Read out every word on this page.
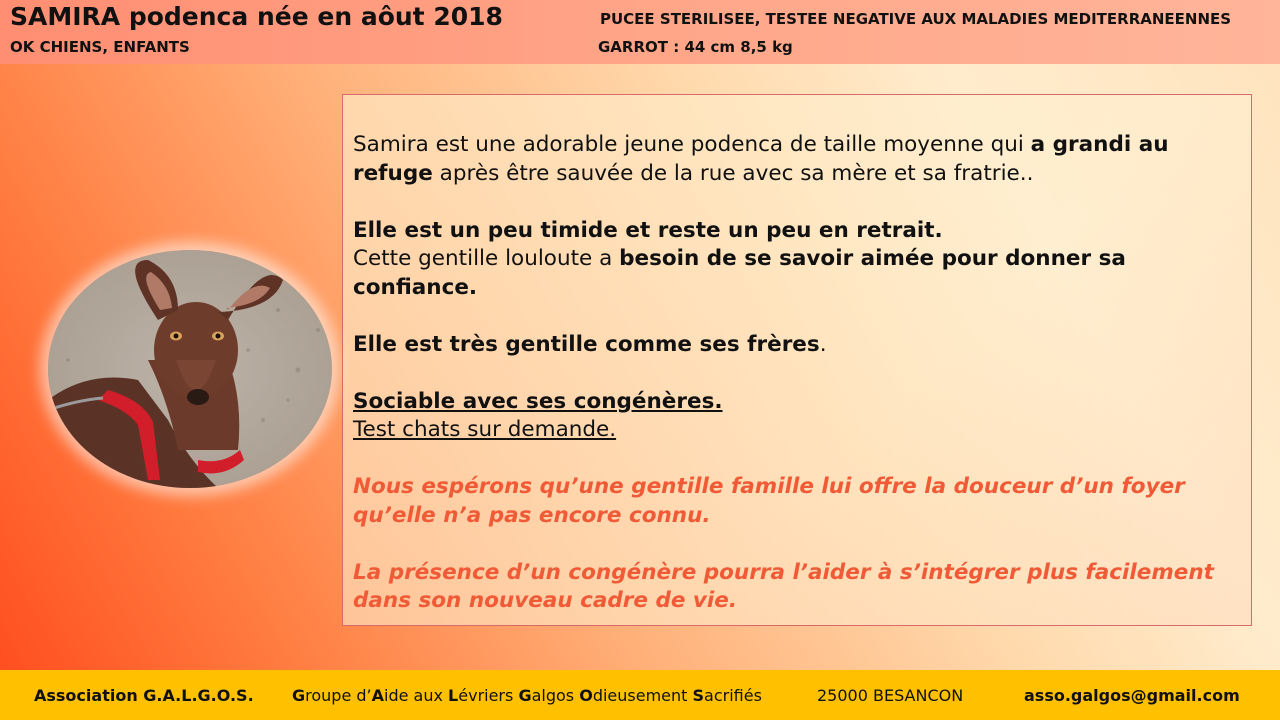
SAMIRA podenca née en aôut 2018
OK CHIENS, ENFANTS
PUCEE STERILISEE, TESTEE NEGATIVE AUX MALADIES MEDITERRANEENNES
GARROT : 44 cm 8,5 kg

Samira est une adorable jeune podenca de taille moyenne qui a grandi au refuge après être sauvée de la rue avec sa mère et sa fratrie..

Elle est un peu timide et reste un peu en retrait.

Cette gentille louloute a besoin de se savoir aimée pour donner sa confiance.

Elle est très gentille comme ses frères.

Sociable avec ses congénères.

Test chats sur demande.

Nous espérons qu’une gentille famille lui offre la douceur d’un foyer qu’elle n’a pas encore connu.

La présence d’un congénère pourra l’aider à s’intégrer plus facilement dans son nouveau cadre de vie.

Association G.A.L.G.O.S. Groupe d’Aide aux Lévriers Galgos Odieusement Sacrifiés	25000 BESANCON	asso.galgos@gmail.com
